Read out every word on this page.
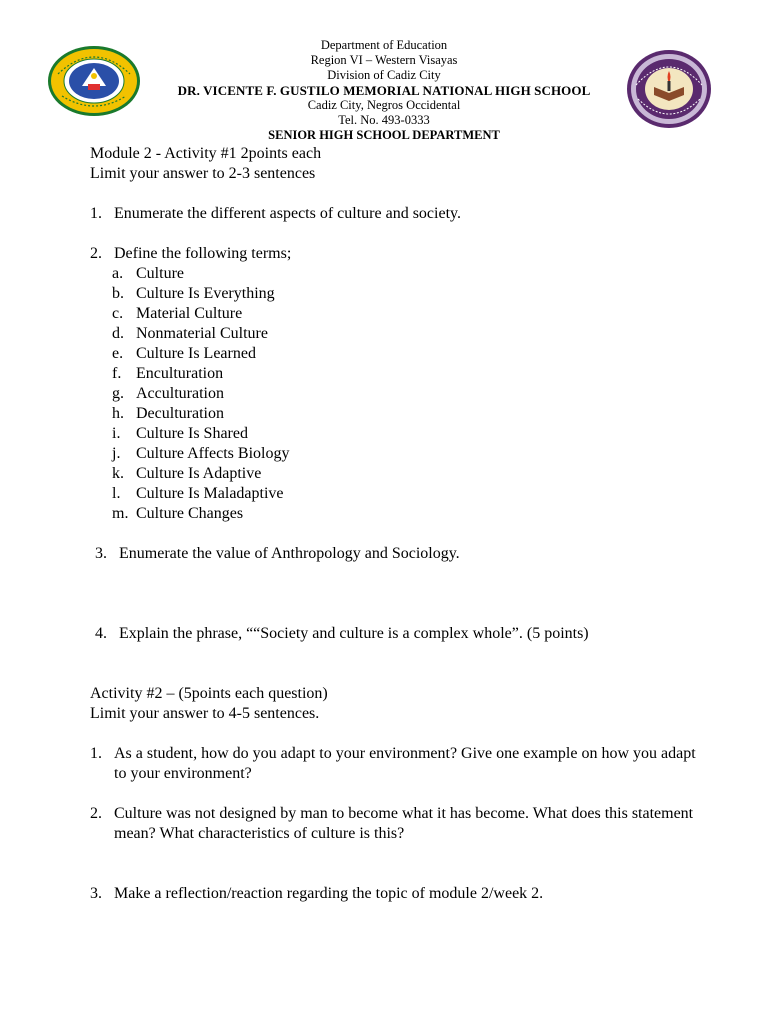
Department of Education
Region VI – Western Visayas
Division of Cadiz City
DR. VICENTE F. GUSTILO MEMORIAL NATIONAL HIGH SCHOOL
Cadiz City, Negros Occidental
Tel. No. 493-0333
SENIOR HIGH SCHOOL DEPARTMENT

Module 2 - Activity #1 2points each

Limit your answer to 2-3 sentences

1. Enumerate the different aspects of culture and society.
2. Define the following terms;
a. Culture
b. Culture Is Everything
c. Material Culture
d. Nonmaterial Culture
e. Culture Is Learned
f. Enculturation
g. Acculturation
h. Deculturation
i. Culture Is Shared
j. Culture Affects Biology
k. Culture Is Adaptive
l. Culture Is Maladaptive
m. Culture Changes
3. Enumerate the value of Anthropology and Sociology.
4. Explain the phrase, ““Society and culture is a complex whole”. (5 points)

Activity #2 – (5points each question)

Limit your answer to 4-5 sentences.

1. As a student, how do you adapt to your environment? Give one example on how you adapt to your environment?
2. Culture was not designed by man to become what it has become. What does this statement mean? What characteristics of culture is this?
3. Make a reflection/reaction regarding the topic of module 2/week 2.
